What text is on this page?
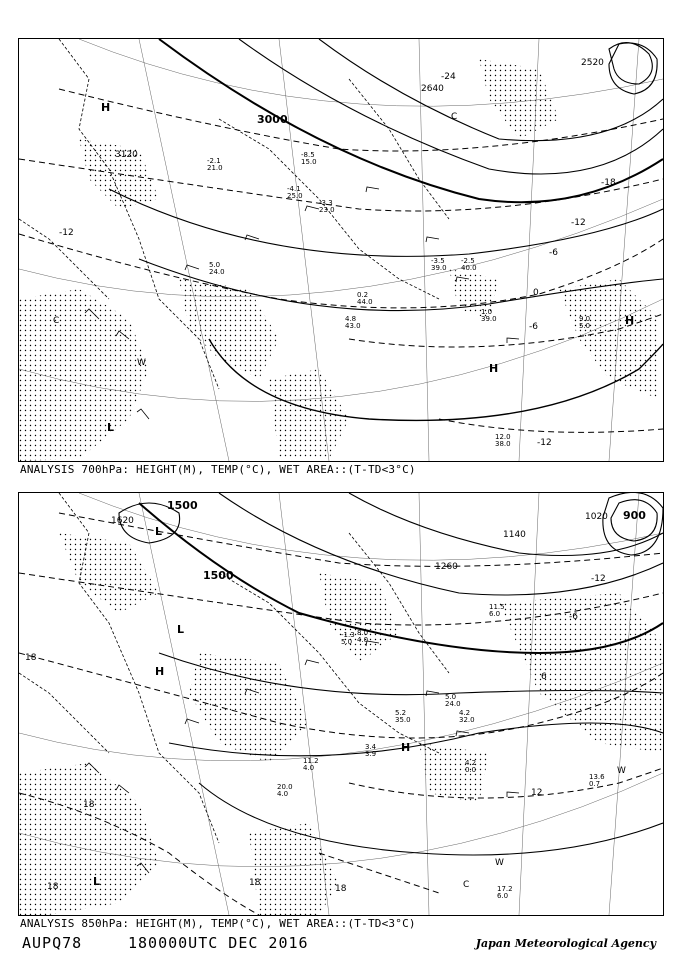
3000
3120
2520
2640
-24
-18
-12
-6
0
-6
-12
-12
H
H
H
L
W
C
C
-2.1
21.0
-8.5
15.0
-4.1
25.0
-3.3
23.0
0.2
44.0
4.8
43.0
1.0
39.0	9.0
5.0
12.0
38.0
-2.5
40.0
-3.5
39.0
5.0
24.0
ANALYSIS 700hPa: HEIGHT(M), TEMP(°C), WET AREA::(T-TD<3°C)
1500
1500
1620	1020 900
1260
1140
18
18
18	18
12
6
-6
-12
18
L
L
H
H
L
W
W
C
-1.3
5.0
8.0
4.0
5.2
35.0
4.2
32.0
3.4
3.9
4.2
0.0
13.6
0.7
17.2
6.0
11.5
6.0
20.0
4.0
5.0
24.0
11.2
4.0
ANALYSIS 850hPa: HEIGHT(M), TEMP(°C), WET AREA::(T-TD<3°C)
AUPQ78	180000UTC DEC 2016	Japan Meteorological Agency
